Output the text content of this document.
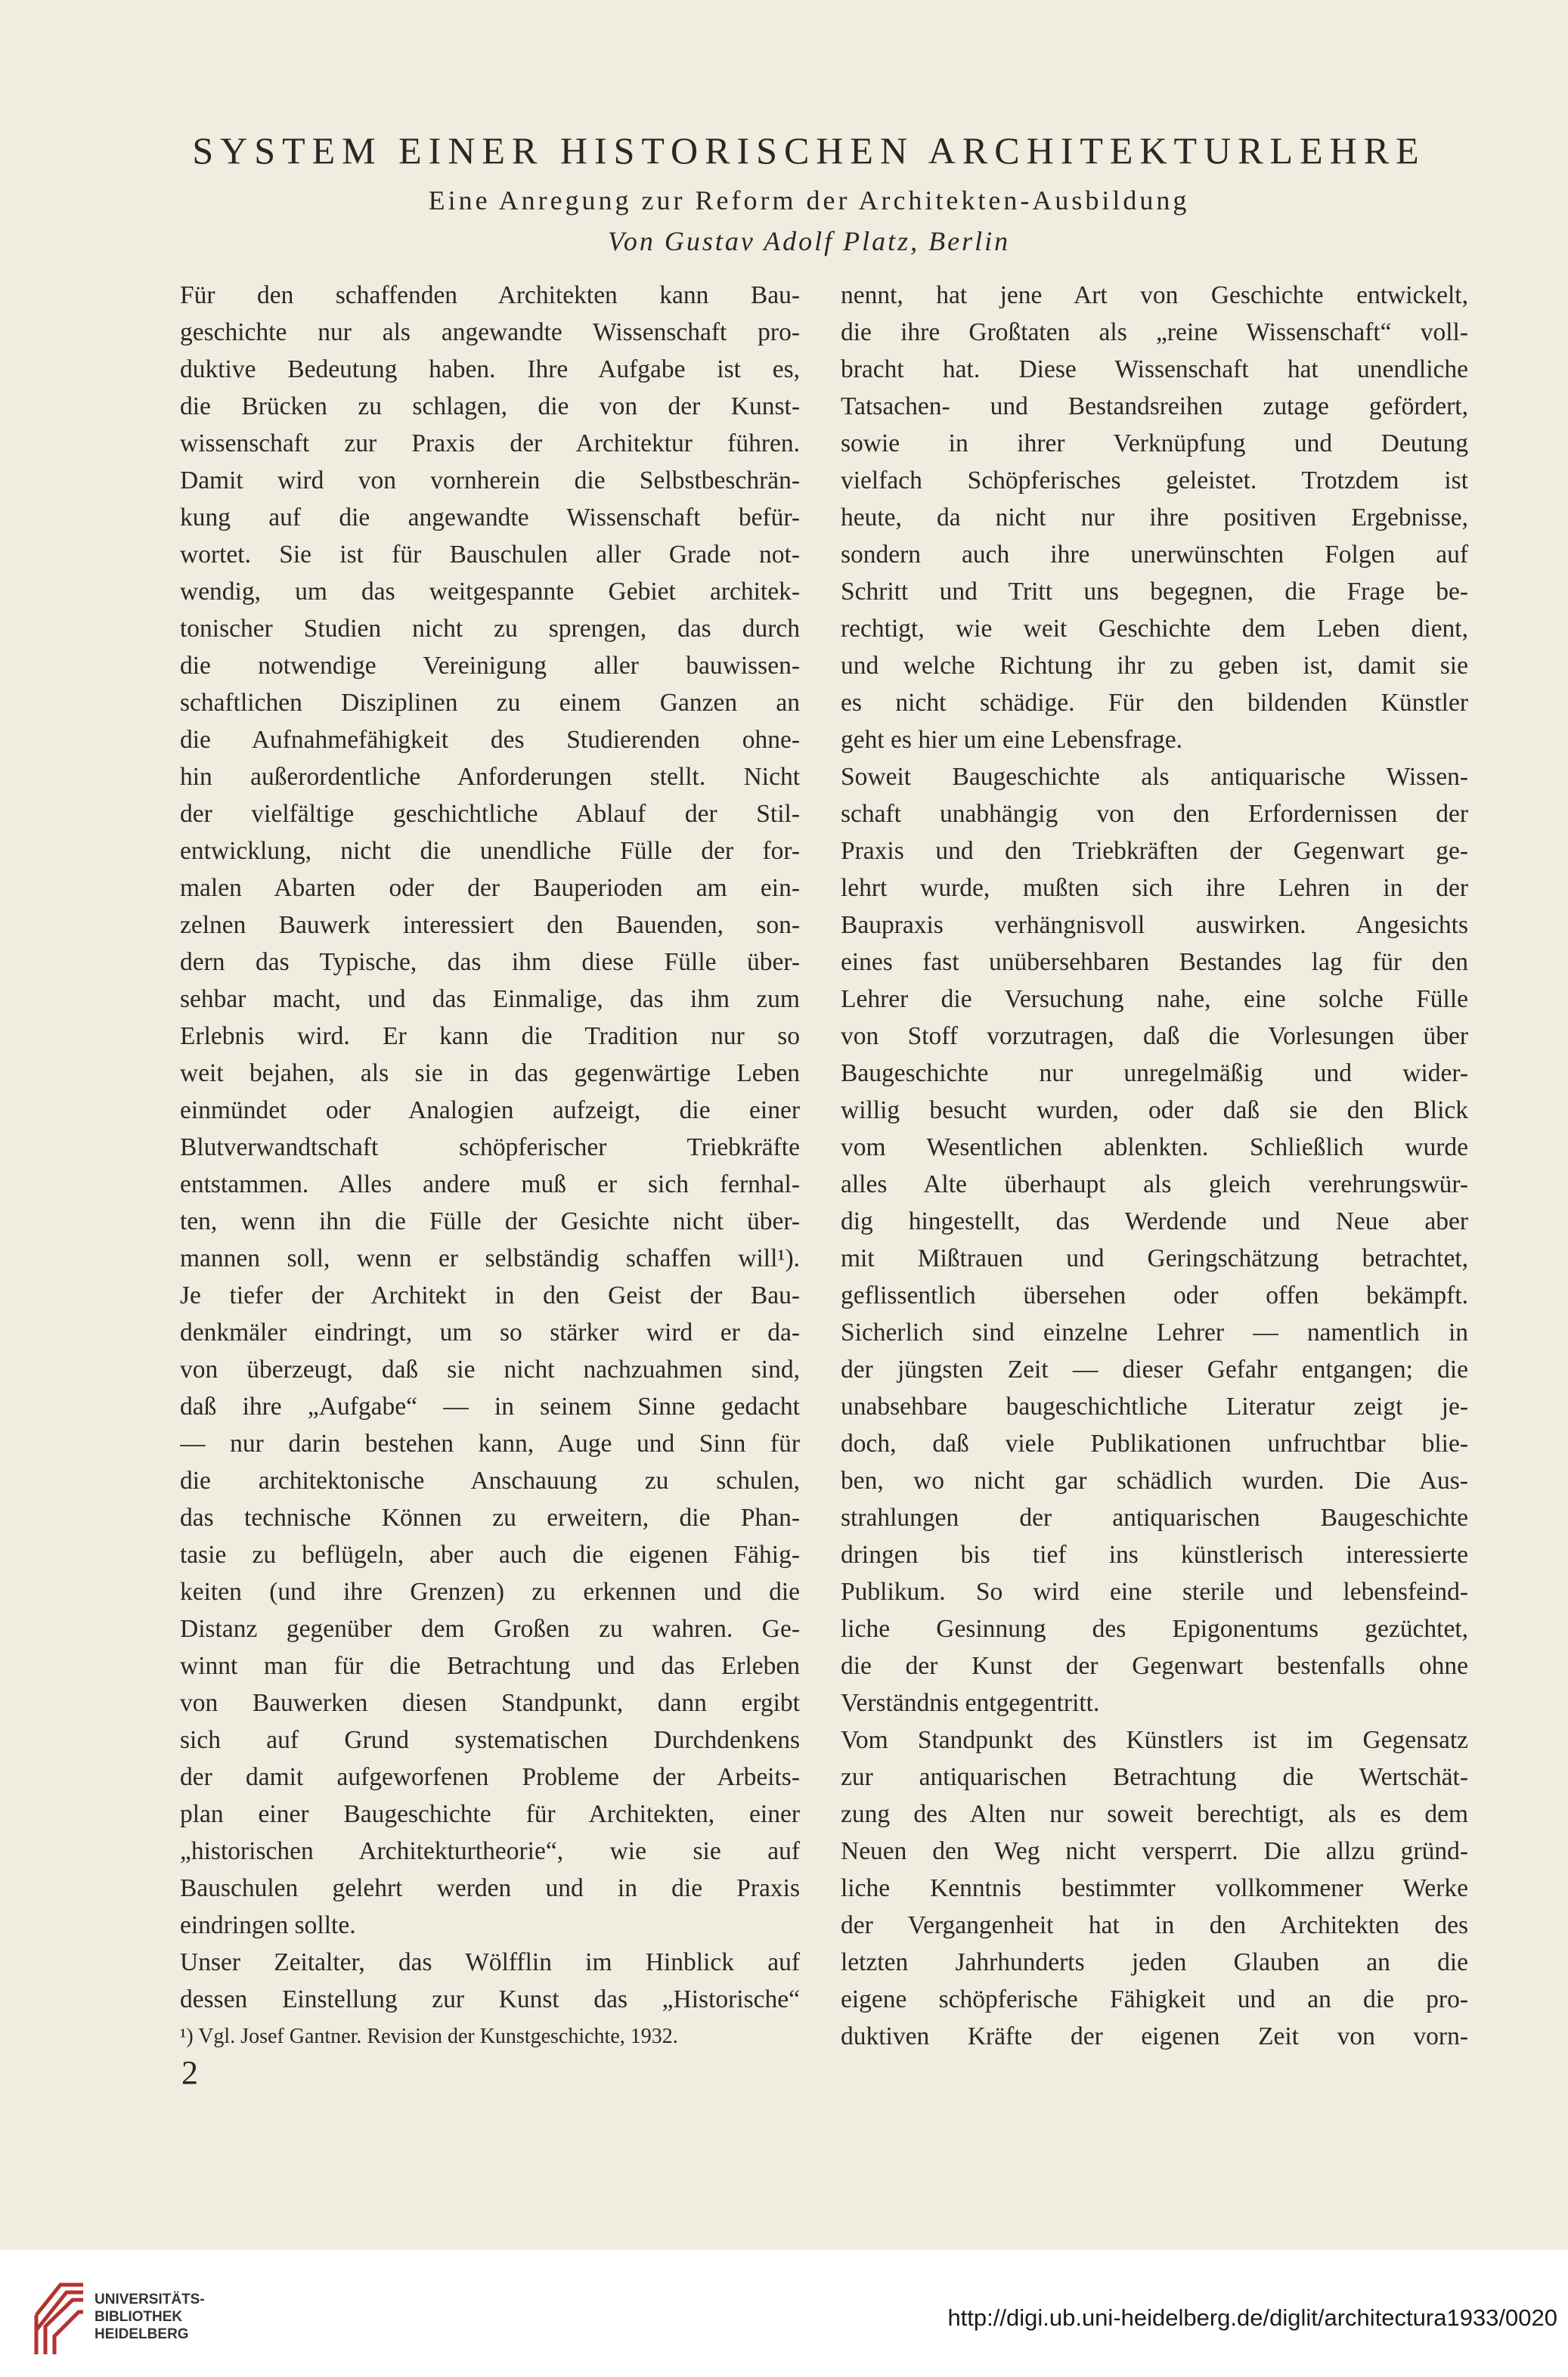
SYSTEM EINER HISTORISCHEN ARCHITEKTURLEHRE
Eine Anregung zur Reform der Architekten-Ausbildung
Von Gustav Adolf Platz, Berlin
Für den schaffenden Architekten kann Bau-
geschichte nur als angewandte Wissenschaft pro-
duktive Bedeutung haben. Ihre Aufgabe ist es,
die Brücken zu schlagen, die von der Kunst-
wissenschaft zur Praxis der Architektur führen.
Damit wird von vornherein die Selbstbeschrän-
kung auf die angewandte Wissenschaft befür-
wortet. Sie ist für Bauschulen aller Grade not-
wendig, um das weitgespannte Gebiet architek-
tonischer Studien nicht zu sprengen, das durch
die notwendige Vereinigung aller bauwissen-
schaftlichen Disziplinen zu einem Ganzen an
die Aufnahmefähigkeit des Studierenden ohne-
hin außerordentliche Anforderungen stellt. Nicht
der vielfältige geschichtliche Ablauf der Stil-
entwicklung, nicht die unendliche Fülle der for-
malen Abarten oder der Bauperioden am ein-
zelnen Bauwerk interessiert den Bauenden, son-
dern das Typische, das ihm diese Fülle über-
sehbar macht, und das Einmalige, das ihm zum
Erlebnis wird. Er kann die Tradition nur so
weit bejahen, als sie in das gegenwärtige Leben
einmündet oder Analogien aufzeigt, die einer
Blutverwandtschaft schöpferischer Triebkräfte
entstammen. Alles andere muß er sich fernhal-
ten, wenn ihn die Fülle der Gesichte nicht über-
mannen soll, wenn er selbständig schaffen will¹).
Je tiefer der Architekt in den Geist der Bau-
denkmäler eindringt, um so stärker wird er da-
von überzeugt, daß sie nicht nachzuahmen sind,
daß ihre „Aufgabe“ — in seinem Sinne gedacht
— nur darin bestehen kann, Auge und Sinn für
die architektonische Anschauung zu schulen,
das technische Können zu erweitern, die Phan-
tasie zu beflügeln, aber auch die eigenen Fähig-
keiten (und ihre Grenzen) zu erkennen und die
Distanz gegenüber dem Großen zu wahren. Ge-
winnt man für die Betrachtung und das Erleben
von Bauwerken diesen Standpunkt, dann ergibt
sich auf Grund systematischen Durchdenkens
der damit aufgeworfenen Probleme der Arbeits-
plan einer Baugeschichte für Architekten, einer
„historischen Architekturtheorie“, wie sie auf
Bauschulen gelehrt werden und in die Praxis
eindringen sollte.
Unser Zeitalter, das Wölfflin im Hinblick auf
dessen Einstellung zur Kunst das „Historische“
¹) Vgl. Josef Gantner. Revision der Kunstgeschichte, 1932.
nennt, hat jene Art von Geschichte entwickelt,
die ihre Großtaten als „reine Wissenschaft“ voll-
bracht hat. Diese Wissenschaft hat unendliche
Tatsachen- und Bestandsreihen zutage gefördert,
sowie in ihrer Verknüpfung und Deutung
vielfach Schöpferisches geleistet. Trotzdem ist
heute, da nicht nur ihre positiven Ergebnisse,
sondern auch ihre unerwünschten Folgen auf
Schritt und Tritt uns begegnen, die Frage be-
rechtigt, wie weit Geschichte dem Leben dient,
und welche Richtung ihr zu geben ist, damit sie
es nicht schädige. Für den bildenden Künstler
geht es hier um eine Lebensfrage.
Soweit Baugeschichte als antiquarische Wissen-
schaft unabhängig von den Erfordernissen der
Praxis und den Triebkräften der Gegenwart ge-
lehrt wurde, mußten sich ihre Lehren in der
Baupraxis verhängnisvoll auswirken. Angesichts
eines fast unübersehbaren Bestandes lag für den
Lehrer die Versuchung nahe, eine solche Fülle
von Stoff vorzutragen, daß die Vorlesungen über
Baugeschichte nur unregelmäßig und wider-
willig besucht wurden, oder daß sie den Blick
vom Wesentlichen ablenkten. Schließlich wurde
alles Alte überhaupt als gleich verehrungswür-
dig hingestellt, das Werdende und Neue aber
mit Mißtrauen und Geringschätzung betrachtet,
geflissentlich übersehen oder offen bekämpft.
Sicherlich sind einzelne Lehrer — namentlich in
der jüngsten Zeit — dieser Gefahr entgangen; die
unabsehbare baugeschichtliche Literatur zeigt je-
doch, daß viele Publikationen unfruchtbar blie-
ben, wo nicht gar schädlich wurden. Die Aus-
strahlungen der antiquarischen Baugeschichte
dringen bis tief ins künstlerisch interessierte
Publikum. So wird eine sterile und lebensfeind-
liche Gesinnung des Epigonentums gezüchtet,
die der Kunst der Gegenwart bestenfalls ohne
Verständnis entgegentritt.
Vom Standpunkt des Künstlers ist im Gegensatz
zur antiquarischen Betrachtung die Wertschät-
zung des Alten nur soweit berechtigt, als es dem
Neuen den Weg nicht versperrt. Die allzu gründ-
liche Kenntnis bestimmter vollkommener Werke
der Vergangenheit hat in den Architekten des
letzten Jahrhunderts jeden Glauben an die
eigene schöpferische Fähigkeit und an die pro-
duktiven Kräfte der eigenen Zeit von vorn-
2
UNIVERSITÄTS-
BIBLIOTHEK
HEIDELBERG
http://digi.ub.uni-heidelberg.de/diglit/architectura1933/0020
